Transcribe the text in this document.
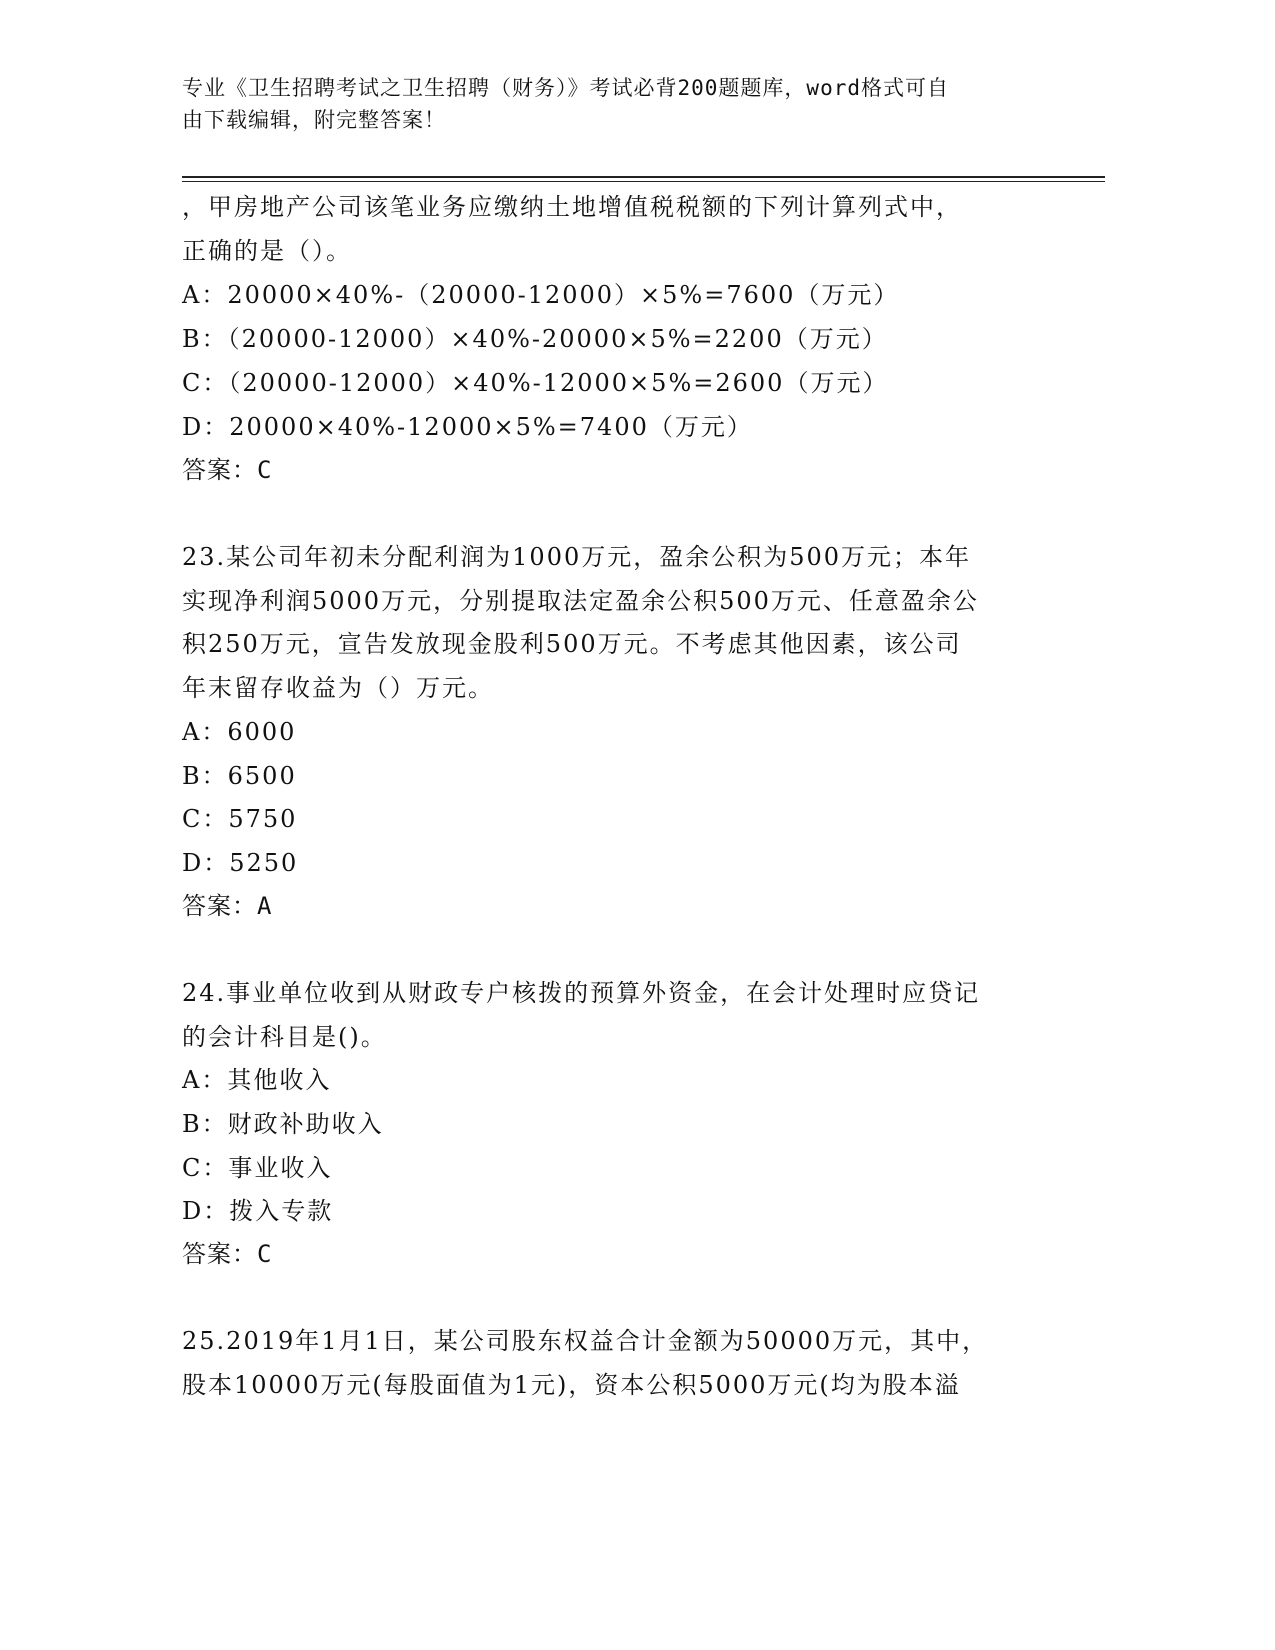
专业《卫生招聘考试之卫生招聘（财务）》考试必背200题题库，word格式可自
由下载编辑，附完整答案！
，甲房地产公司该笔业务应缴纳土地增值税税额的下列计算列式中，
正确的是（）。
A：20000×40%-（20000-12000）×5%=7600（万元）
B：（20000-12000）×40%-20000×5%=2200（万元）
C：（20000-12000）×40%-12000×5%=2600（万元）
D：20000×40%-12000×5%=7400（万元）
答案：C
23.某公司年初未分配利润为1000万元，盈余公积为500万元；本年
实现净利润5000万元，分别提取法定盈余公积500万元、任意盈余公
积250万元，宣告发放现金股利500万元。不考虑其他因素，该公司
年末留存收益为（）万元。
A：6000
B：6500
C：5750
D：5250
答案：A
24.事业单位收到从财政专户核拨的预算外资金，在会计处理时应贷记
的会计科目是()。
A：其他收入
B：财政补助收入
C：事业收入
D：拨入专款
答案：C
25.2019年1月1日，某公司股东权益合计金额为50000万元，其中，
股本10000万元(每股面值为1元)，资本公积5000万元(均为股本溢
